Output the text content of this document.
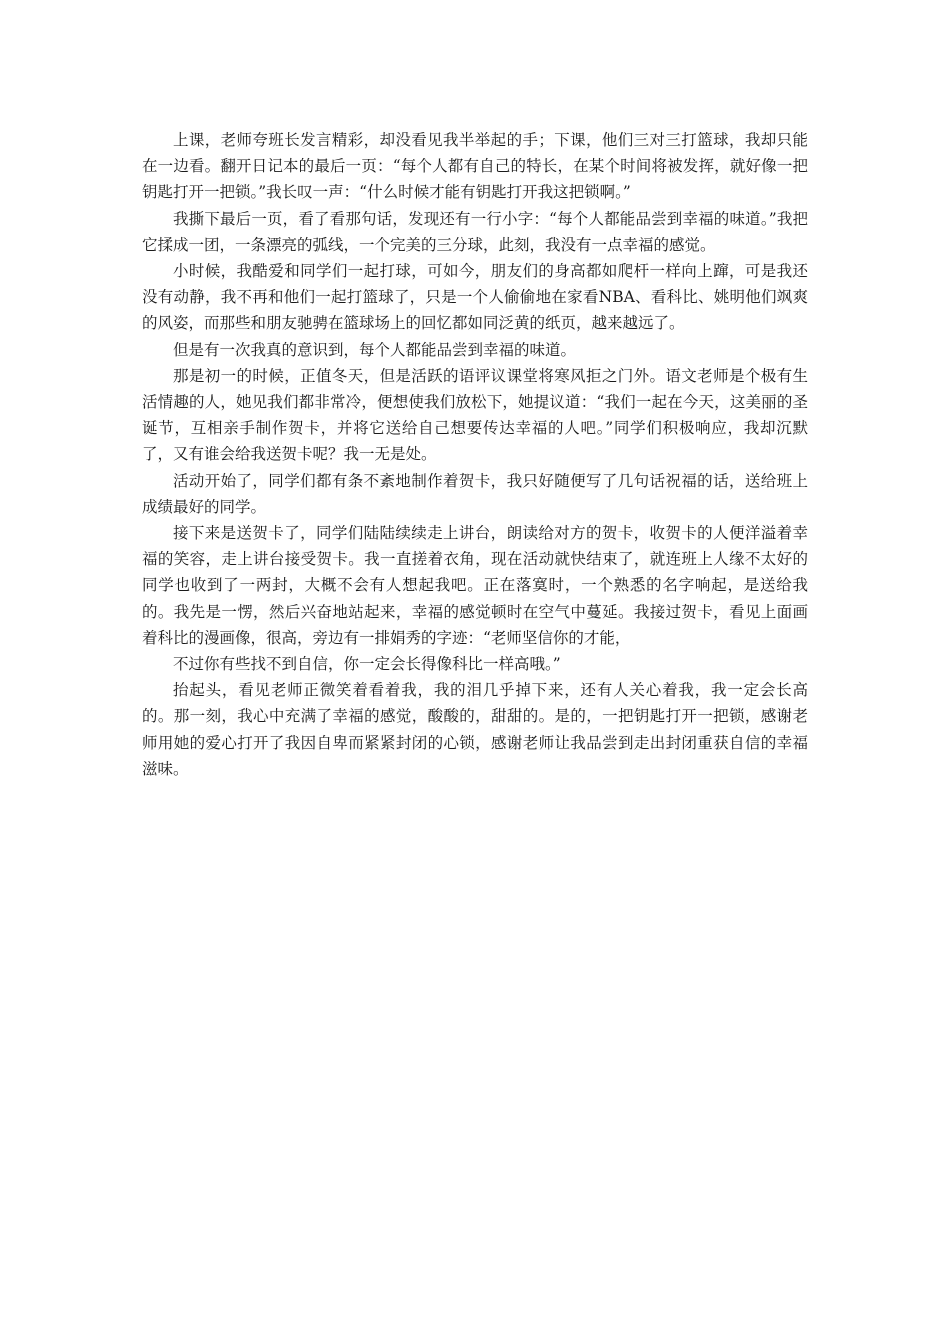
上课，老师夸班长发言精彩，却没看见我半举起的手；下课，他们三对三打篮球，我却只能在一边看。翻开日记本的最后一页：“每个人都有自己的特长，在某个时间将被发挥，就好像一把钥匙打开一把锁。”我长叹一声：“什么时候才能有钥匙打开我这把锁啊。”

我撕下最后一页，看了看那句话，发现还有一行小字：“每个人都能品尝到幸福的味道。”我把它揉成一团，一条漂亮的弧线，一个完美的三分球，此刻，我没有一点幸福的感觉。

小时候，我酷爱和同学们一起打球，可如今，朋友们的身高都如爬杆一样向上蹿，可是我还没有动静，我不再和他们一起打篮球了，只是一个人偷偷地在家看NBA、看科比、姚明他们飒爽的风姿，而那些和朋友驰骋在篮球场上的回忆都如同泛黄的纸页，越来越远了。

但是有一次我真的意识到，每个人都能品尝到幸福的味道。

那是初一的时候，正值冬天，但是活跃的语评议课堂将寒风拒之门外。语文老师是个极有生活情趣的人，她见我们都非常冷，便想使我们放松下，她提议道：“我们一起在今天，这美丽的圣诞节，互相亲手制作贺卡，并将它送给自己想要传达幸福的人吧。”同学们积极响应，我却沉默了，又有谁会给我送贺卡呢？我一无是处。

活动开始了，同学们都有条不紊地制作着贺卡，我只好随便写了几句话祝福的话，送给班上成绩最好的同学。

接下来是送贺卡了，同学们陆陆续续走上讲台，朗读给对方的贺卡，收贺卡的人便洋溢着幸福的笑容，走上讲台接受贺卡。我一直搓着衣角，现在活动就快结束了，就连班上人缘不太好的同学也收到了一两封，大概不会有人想起我吧。正在落寞时，一个熟悉的名字响起，是送给我的。我先是一愣，然后兴奋地站起来，幸福的感觉顿时在空气中蔓延。我接过贺卡，看见上面画着科比的漫画像，很高，旁边有一排娟秀的字迹：“老师坚信你的才能，

不过你有些找不到自信，你一定会长得像科比一样高哦。”

抬起头，看见老师正微笑着看着我，我的泪几乎掉下来，还有人关心着我，我一定会长高的。那一刻，我心中充满了幸福的感觉，酸酸的，甜甜的。是的，一把钥匙打开一把锁，感谢老师用她的爱心打开了我因自卑而紧紧封闭的心锁，感谢老师让我品尝到走出封闭重获自信的幸福滋味。
